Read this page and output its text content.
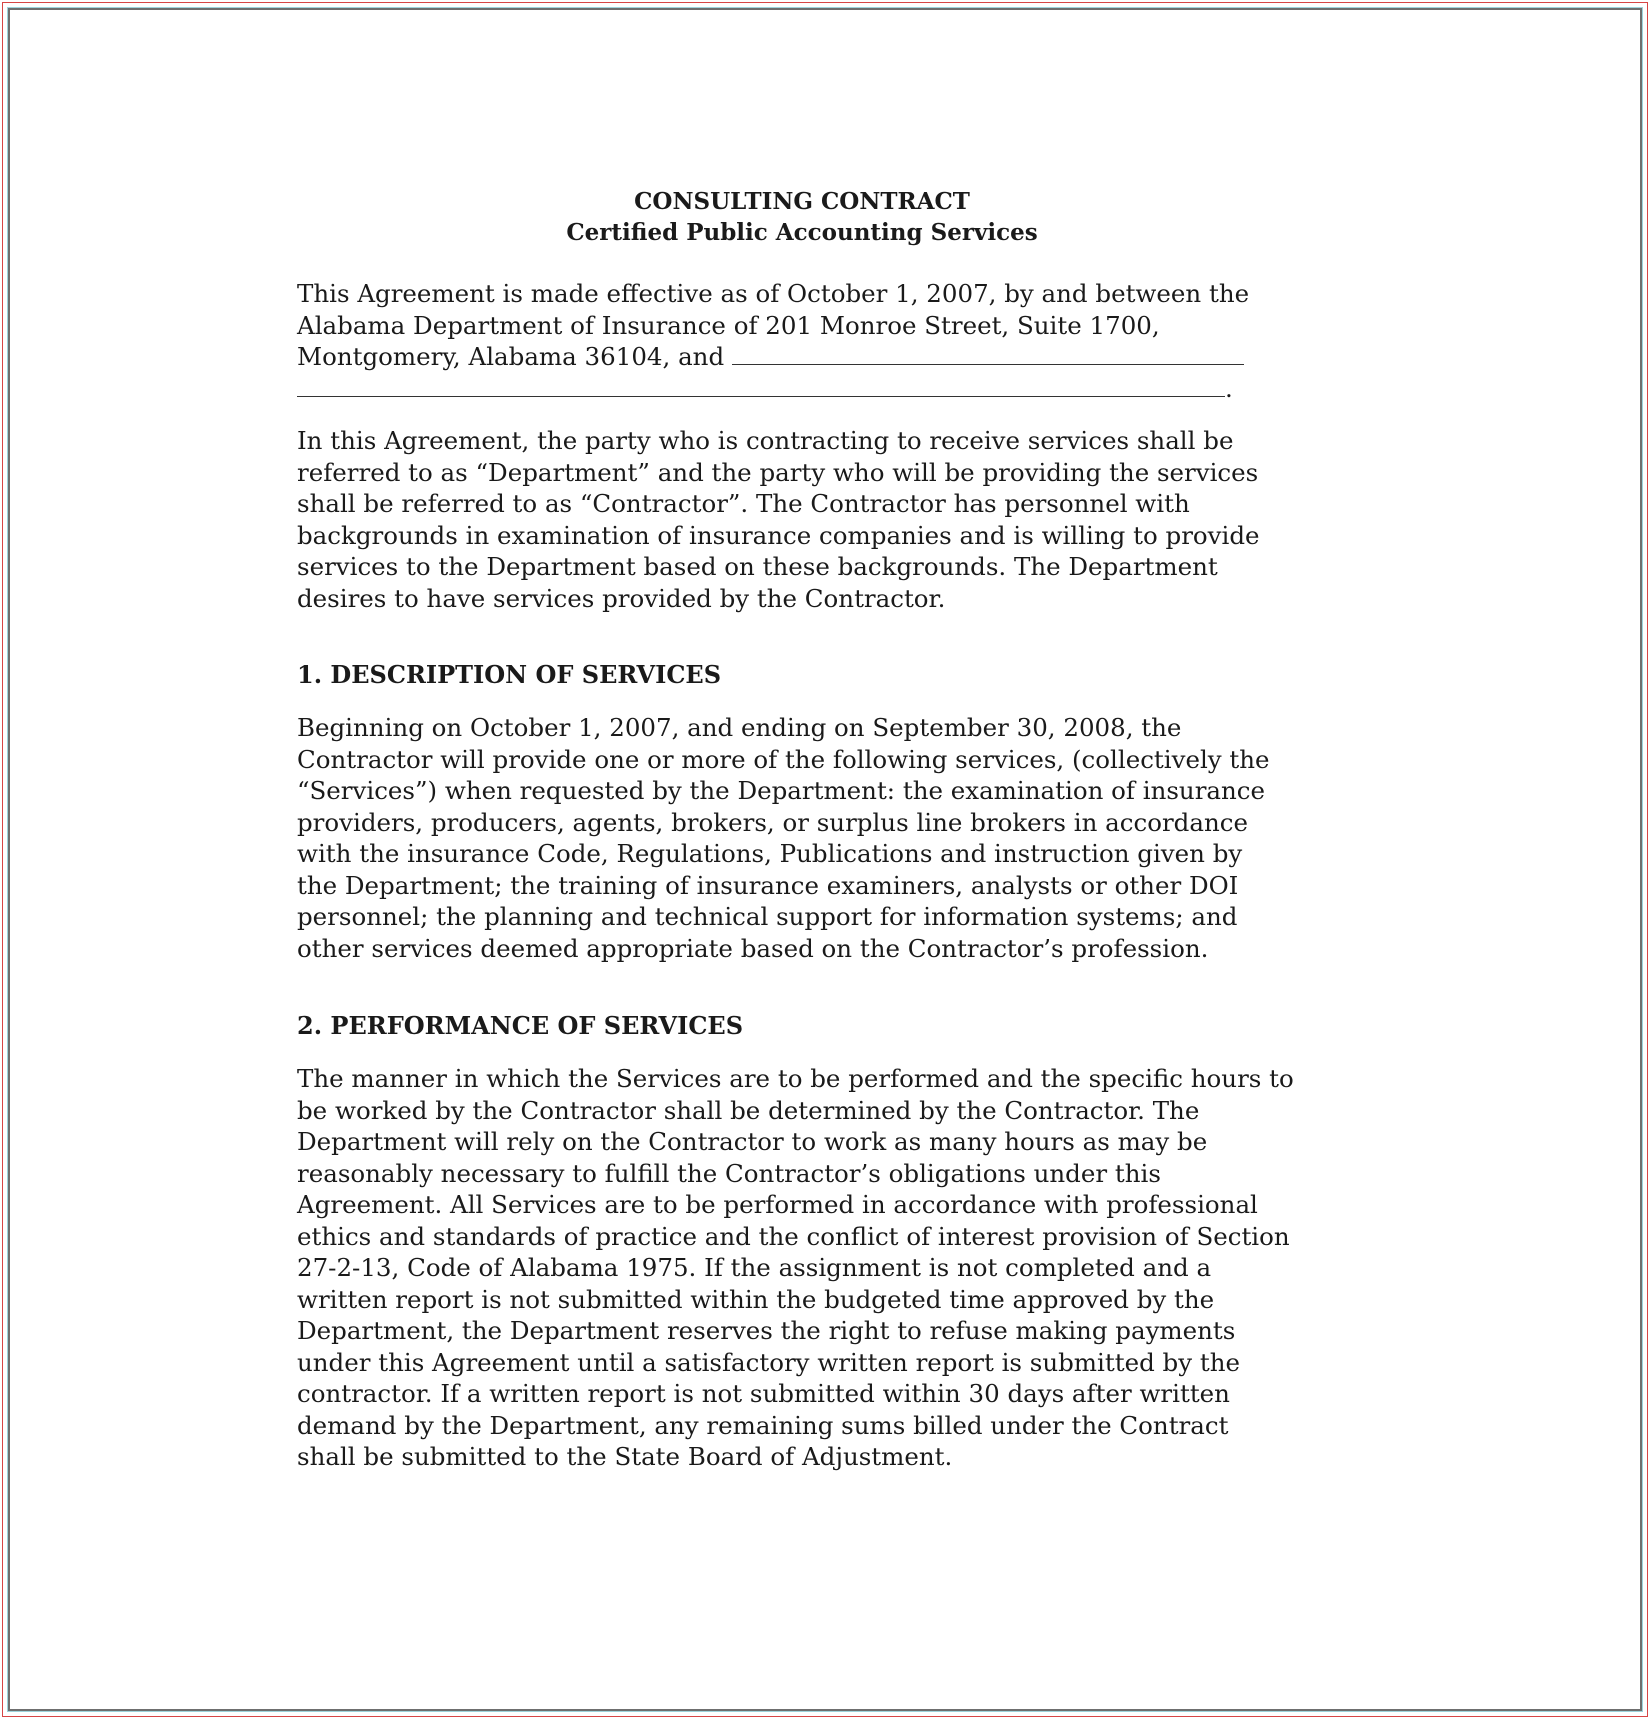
CONSULTING CONTRACT
Certified Public Accounting Services

This Agreement is made effective as of October 1, 2007, by and between the

Alabama Department of Insurance of 201 Monroe Street, Suite 1700,

Montgomery, Alabama 36104, and

.

In this Agreement, the party who is contracting to receive services shall be
referred to as “Department” and the party who will be providing the services
shall be referred to as “Contractor”. The Contractor has personnel with
backgrounds in examination of insurance companies and is willing to provide
services to the Department based on these backgrounds. The Department
desires to have services provided by the Contractor.

1. DESCRIPTION OF SERVICES

Beginning on October 1, 2007, and ending on September 30, 2008, the
Contractor will provide one or more of the following services, (collectively the
“Services”) when requested by the Department: the examination of insurance
providers, producers, agents, brokers, or surplus line brokers in accordance
with the insurance Code, Regulations, Publications and instruction given by
the Department; the training of insurance examiners, analysts or other DOI
personnel; the planning and technical support for information systems; and
other services deemed appropriate based on the Contractor’s profession.

2. PERFORMANCE OF SERVICES

The manner in which the Services are to be performed and the specific hours to
be worked by the Contractor shall be determined by the Contractor. The
Department will rely on the Contractor to work as many hours as may be
reasonably necessary to fulfill the Contractor’s obligations under this
Agreement. All Services are to be performed in accordance with professional
ethics and standards of practice and the conflict of interest provision of Section
27-2-13, Code of Alabama 1975. If the assignment is not completed and a
written report is not submitted within the budgeted time approved by the
Department, the Department reserves the right to refuse making payments
under this Agreement until a satisfactory written report is submitted by the
contractor. If a written report is not submitted within 30 days after written
demand by the Department, any remaining sums billed under the Contract
shall be submitted to the State Board of Adjustment.
